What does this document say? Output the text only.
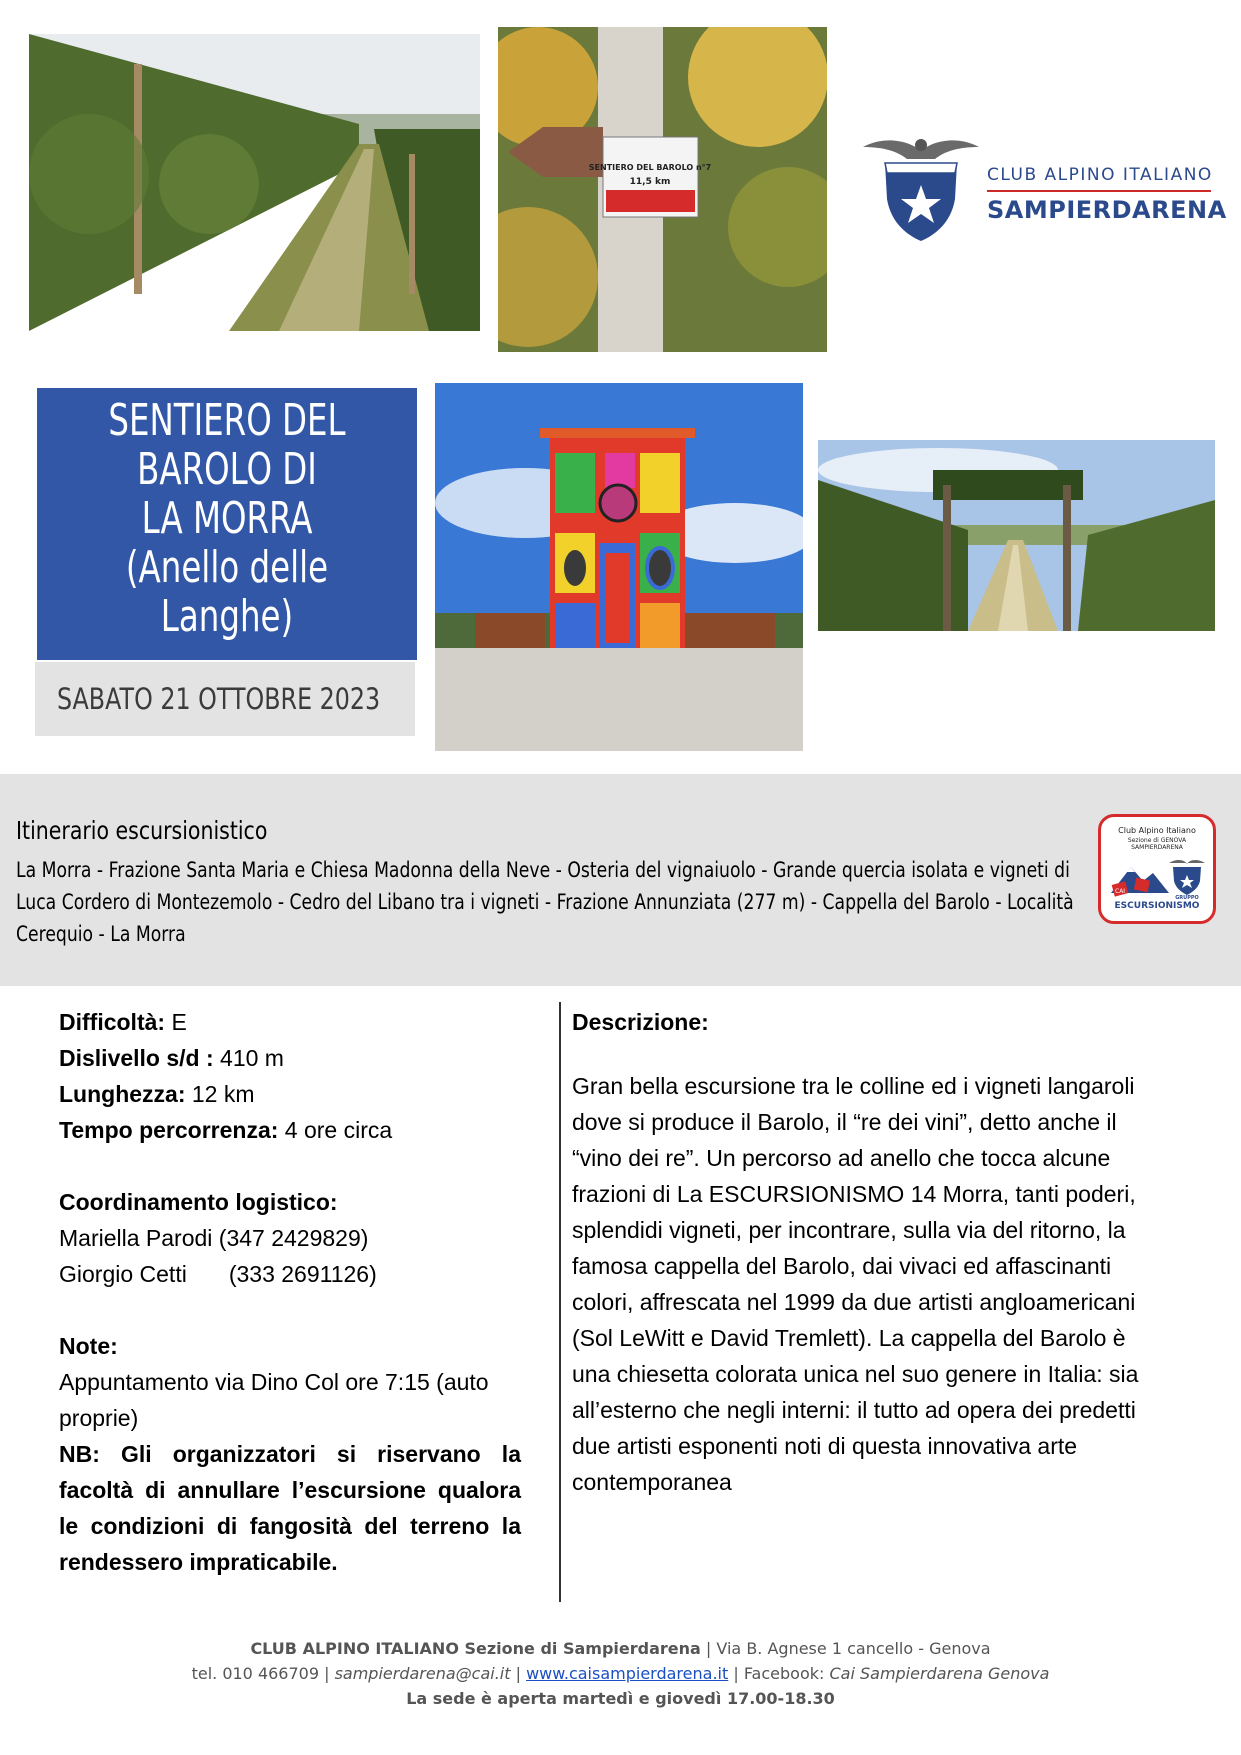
SENTIERO DEL BAROLO n°7
11,5 km	CLUB ALPINO ITALIANO
SAMPIERDARENA
SENTIERO DEL
BAROLO DI
LA MORRA
(Anello delle
Langhe)
SABATO 21 OTTOBRE 2023
Itinerario escursionistico
La Morra - Frazione Santa Maria e Chiesa Madonna della Neve - Osteria del vignaiuolo - Grande quercia isolata e vigneti di Luca Cordero di Montezemolo - Cedro del Libano tra i vigneti - Frazione Annunziata (277 m) - Cappella del Barolo - Località Cerequio - La Morra
Club Alpino Italiano
Sezione di GENOVA
SAMPIERDARENA
CAI
GRUPPO
ESCURSIONISMO
Difficoltà: E
Dislivello s/d : 410 m
Lunghezza: 12 km
Tempo percorrenza: 4 ore circa
Coordinamento logistico:
Mariella Parodi (347 2429829)
Giorgio Cetti (333 2691126)
Note:
Appuntamento via Dino Col ore 7:15 (auto proprie)
NB: Gli organizzatori si riservano la facoltà di annullare l’escursione qualora le condizioni di fangosità del terreno la rendessero impraticabile.
Descrizione:
Gran bella escursione tra le colline ed i vigneti langaroli dove si produce il Barolo, il “re dei vini”, detto anche il “vino dei re”. Un percorso ad anello che tocca alcune frazioni di La ESCURSIONISMO 14 Morra, tanti poderi, splendidi vigneti, per incontrare, sulla via del ritorno, la famosa cappella del Barolo, dai vivaci ed affascinanti colori, affrescata nel 1999 da due artisti angloamericani (Sol LeWitt e David Tremlett). La cappella del Barolo è una chiesetta colorata unica nel suo genere in Italia: sia all’esterno che negli interni: il tutto ad opera dei predetti due artisti esponenti noti di questa innovativa arte contemporanea
CLUB ALPINO ITALIANO Sezione di Sampierdarena | Via B. Agnese 1 cancello - Genova
tel. 010 466709 | sampierdarena@cai.it | www.caisampierdarena.it | Facebook: Cai Sampierdarena Genova
La sede è aperta martedì e giovedì 17.00-18.30
